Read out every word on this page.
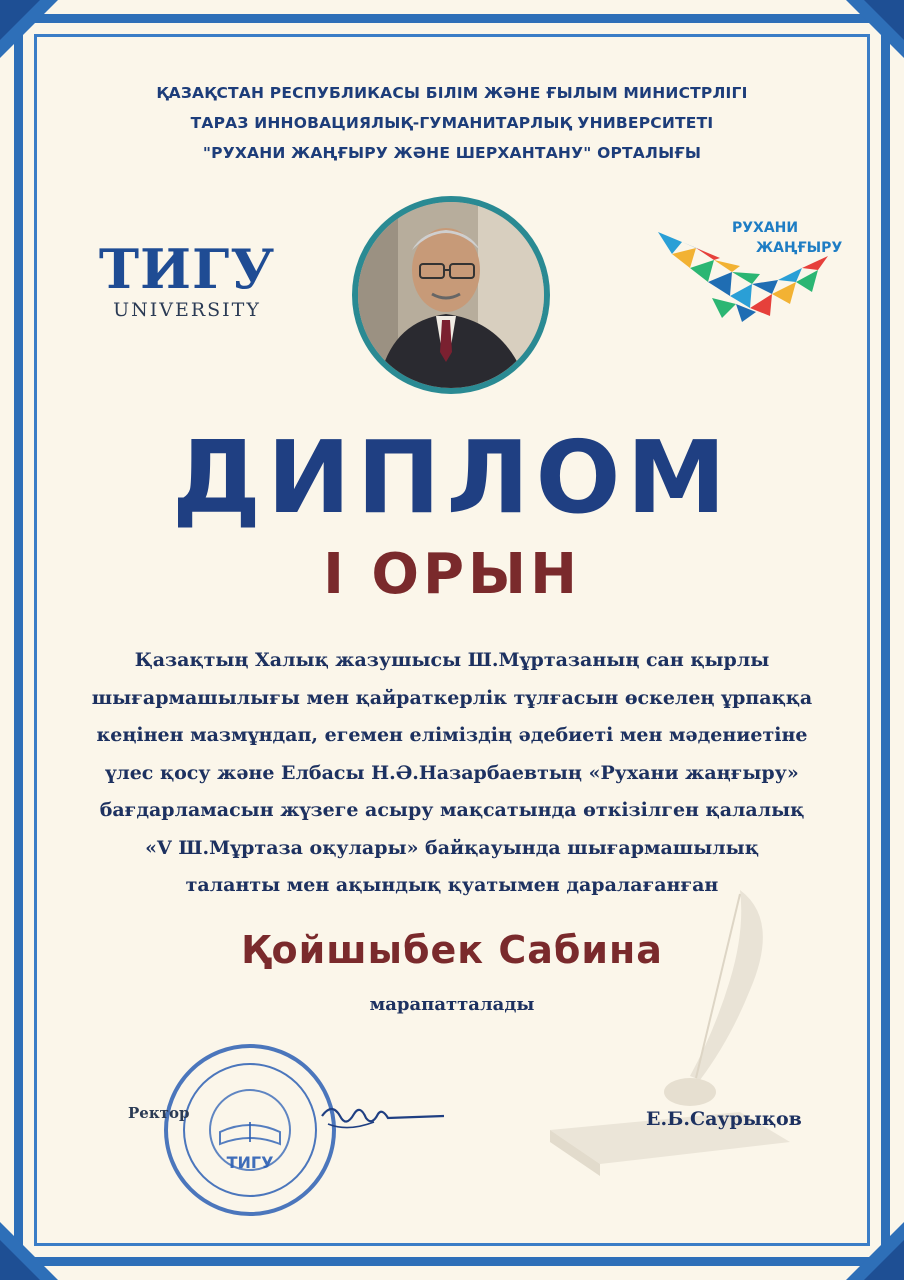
ҚАЗАҚСТАН РЕСПУБЛИКАСЫ БІЛІМ ЖӘНЕ ҒЫЛЫМ МИНИСТРЛІГІ
ТАРАЗ ИННОВАЦИЯЛЫҚ-ГУМАНИТАРЛЫҚ УНИВЕРСИТЕТІ
"РУХАНИ ЖАҢҒЫРУ ЖӘНЕ ШЕРХАНТАНУ" ОРТАЛЫҒЫ
ТИГУ
UNIVERSITY
РУХАНИ
ЖАҢҒЫРУ
ДИПЛОМ
I ОРЫН
Қазақтың Халық жазушысы Ш.Мұртазаның сан қырлы
шығармашылығы мен қайраткерлік тұлғасын өскелең ұрпаққа
кеңінен мазмұндап, егемен еліміздің әдебиеті мен мәдениетіне
үлес қосу және Елбасы Н.Ә.Назарбаевтың «Рухани жаңғыру»
бағдарламасын жүзеге асыру мақсатында өткізілген қалалық
«V Ш.Мұртаза оқулары» байқауында шығармашылық
таланты мен ақындық қуатымен даралағанған
Қойшыбек Сабина
марапатталады
ТИГУ
Ректор	Е.Б.Саурықов
